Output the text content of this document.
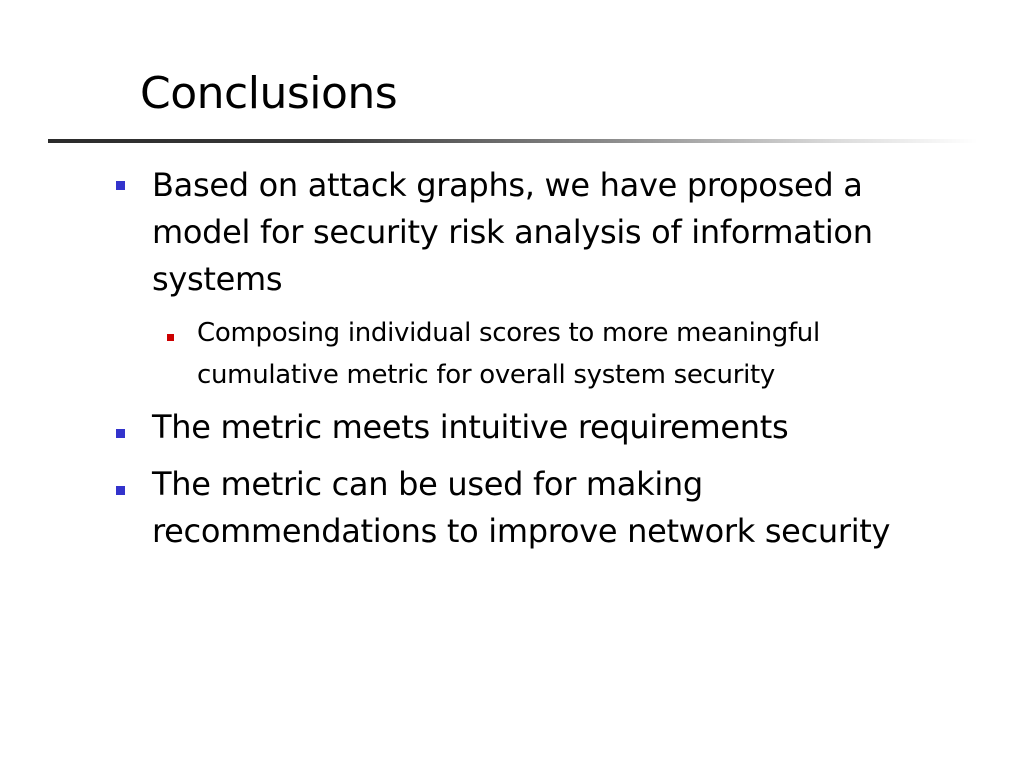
Conclusions
Based on attack graphs, we have proposed a
model for security risk analysis of information
systems
Composing individual scores to more meaningful
cumulative metric for overall system security
The metric meets intuitive requirements
The metric can be used for making
recommendations to improve network security
